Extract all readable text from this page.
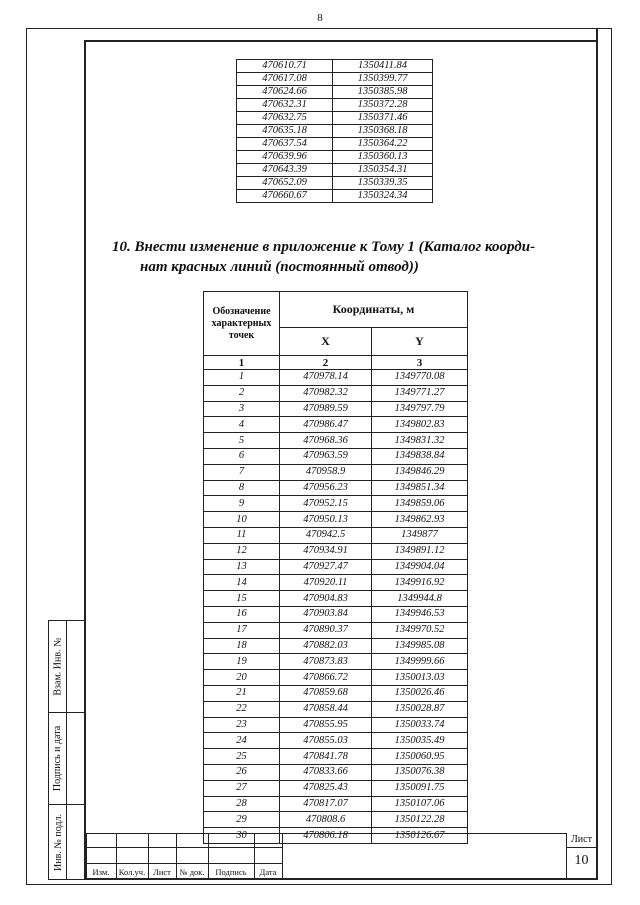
8
Взам. Инв. №
Подпись и дата
Инв. № подл.
470610.71	1350411.84
470617.08	1350399.77
470624.66	1350385.98
470632.31	1350372.28
470632.75	1350371.46
470635.18	1350368.18
470637.54	1350364.22
470639.96	1350360.13
470643.39	1350354.31
470652.09	1350339.35
470660.67	1350324.34

10. Внести изменение в приложение к Тому 1 (Каталог коорди-

нат красных линий (постоянный отвод))

Обозначение характерных точек	Координаты, м	
	X	Y
1	2	3
1	470978.14	1349770.08
2	470982.32	1349771.27
3	470989.59	1349797.79
4	470986.47	1349802.83
5	470968.36	1349831.32
6	470963.59	1349838.84
7	470958.9	1349846.29
8	470956.23	1349851.34
9	470952.15	1349859.06
10	470950.13	1349862.93
11	470942.5	1349877
12	470934.91	1349891.12
13	470927.47	1349904.04
14	470920.11	1349916.92
15	470904.83	1349944.8
16	470903.84	1349946.53
17	470890.37	1349970.52
18	470882.03	1349985.08
19	470873.83	1349999.66
20	470866.72	1350013.03
21	470859.68	1350026.46
22	470858.44	1350028.87
23	470855.95	1350033.74
24	470855.03	1350035.49
25	470841.78	1350060.95
26	470833.66	1350076.38
27	470825.43	1350091.75
28	470817.07	1350107.06
29	470808.6	1350122.28
30	470806.18	1350126.67
Изм.	Кол.уч. Лист	№ док.	Подпись	Дата
Лист
10
